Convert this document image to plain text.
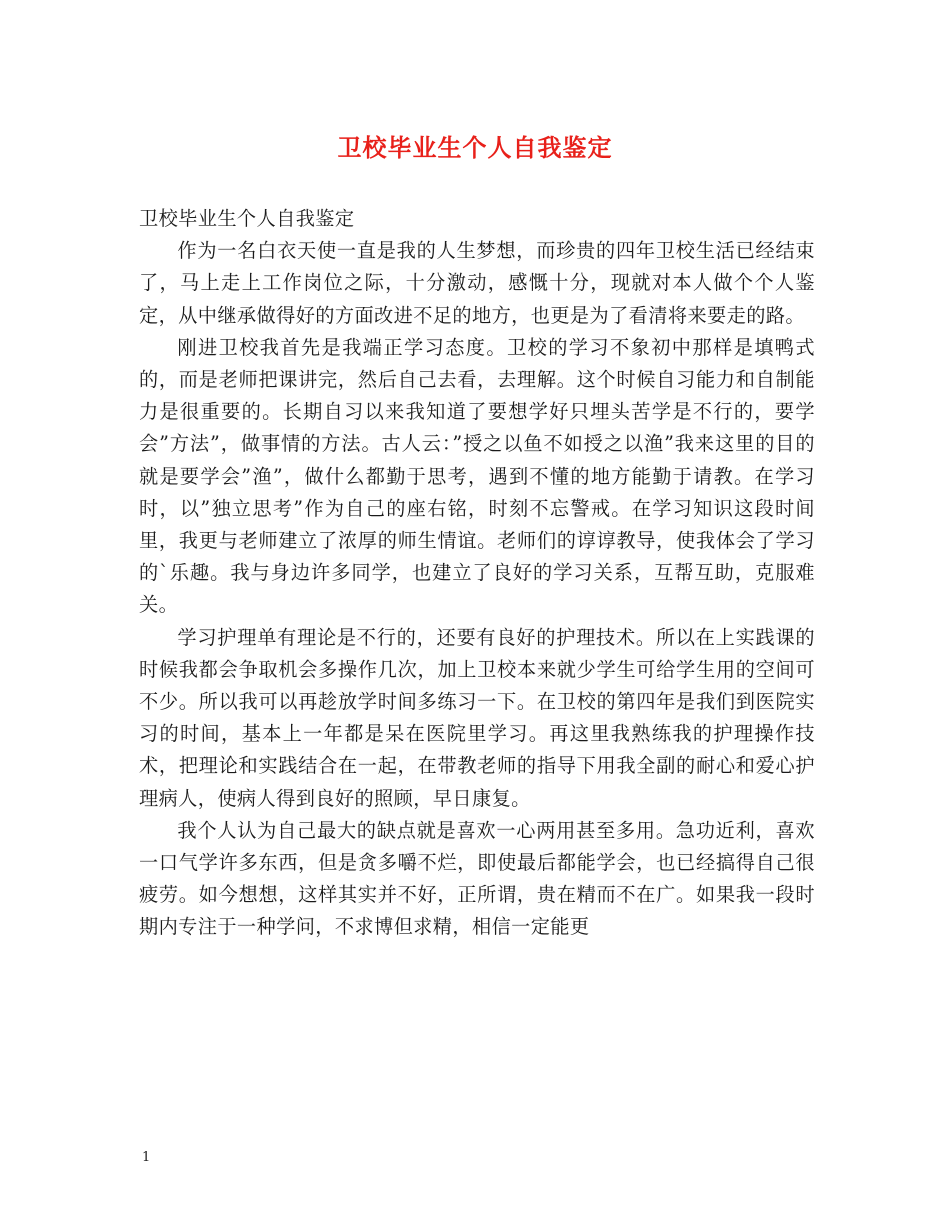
卫校毕业生个人自我鉴定

卫校毕业生个人自我鉴定

作为一名白衣天使一直是我的人生梦想，而珍贵的四年卫校生活已经结束了，马上走上工作岗位之际，十分激动，感慨十分，现就对本人做个个人鉴定，从中继承做得好的方面改进不足的地方，也更是为了看清将来要走的路。

刚进卫校我首先是我端正学习态度。卫校的学习不象初中那样是填鸭式的，而是老师把课讲完，然后自己去看，去理解。这个时候自习能力和自制能力是很重要的。长期自习以来我知道了要想学好只埋头苦学是不行的，要学会”方法”，做事情的方法。古人云：”授之以鱼不如授之以渔”我来这里的目的就是要学会”渔”，做什么都勤于思考，遇到不懂的地方能勤于请教。在学习时，以”独立思考”作为自己的座右铭，时刻不忘警戒。在学习知识这段时间里，我更与老师建立了浓厚的师生情谊。老师们的谆谆教导，使我体会了学习的`乐趣。我与身边许多同学，也建立了良好的学习关系，互帮互助，克服难关。

学习护理单有理论是不行的，还要有良好的护理技术。所以在上实践课的时候我都会争取机会多操作几次，加上卫校本来就少学生可给学生用的空间可不少。所以我可以再趁放学时间多练习一下。在卫校的第四年是我们到医院实习的时间，基本上一年都是呆在医院里学习。再这里我熟练我的护理操作技术，把理论和实践结合在一起，在带教老师的指导下用我全副的耐心和爱心护理病人，使病人得到良好的照顾，早日康复。

我个人认为自己最大的缺点就是喜欢一心两用甚至多用。急功近利，喜欢一口气学许多东西，但是贪多嚼不烂，即使最后都能学会，也已经搞得自己很疲劳。如今想想，这样其实并不好，正所谓，贵在精而不在广。如果我一段时期内专注于一种学问，不求博但求精，相信一定能更

1
